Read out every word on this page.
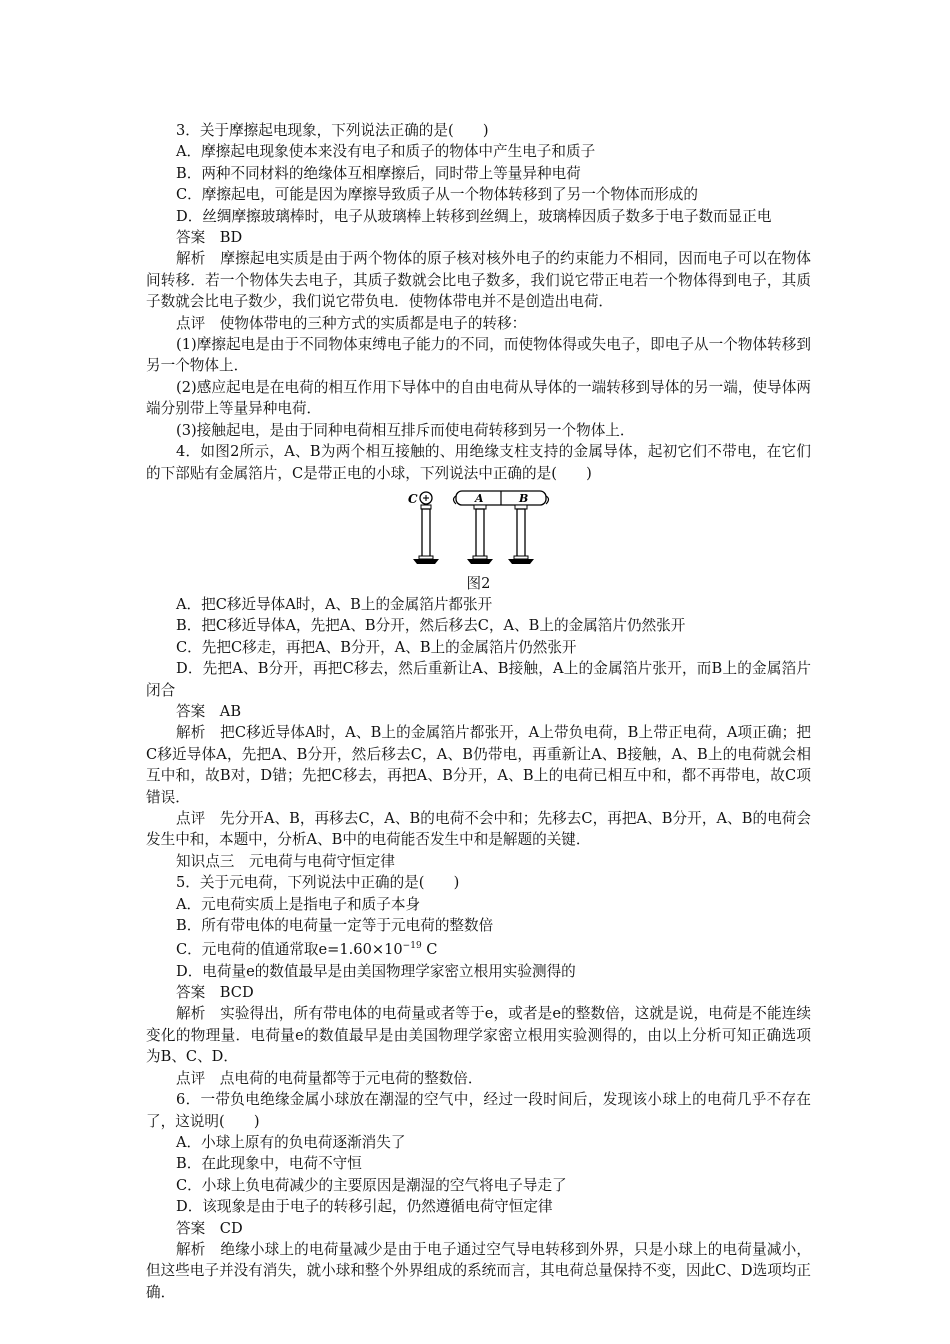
3．关于摩擦起电现象，下列说法正确的是(　　)

A．摩擦起电现象使本来没有电子和质子的物体中产生电子和质子

B．两种不同材料的绝缘体互相摩擦后，同时带上等量异种电荷

C．摩擦起电，可能是因为摩擦导致质子从一个物体转移到了另一个物体而形成的

D．丝绸摩擦玻璃棒时，电子从玻璃棒上转移到丝绸上，玻璃棒因质子数多于电子数而显正电

答案　BD

解析　摩擦起电实质是由于两个物体的原子核对核外电子的约束能力不相同，因而电子可以在物体间转移．若一个物体失去电子，其质子数就会比电子数多，我们说它带正电若一个物体得到电子，其质子数就会比电子数少，我们说它带负电．使物体带电并不是创造出电荷．

点评　使物体带电的三种方式的实质都是电子的转移：

(1)摩擦起电是由于不同物体束缚电子能力的不同，而使物体得或失电子，即电子从一个物体转移到另一个物体上．

(2)感应起电是在电荷的相互作用下导体中的自由电荷从导体的一端转移到导体的另一端，使导体两端分别带上等量异种电荷．

(3)接触起电，是由于同种电荷相互排斥而使电荷转移到另一个物体上．

4．如图2所示，A、B为两个相互接触的、用绝缘支柱支持的金属导体，起初它们不带电，在它们的下部贴有金属箔片，C是带正电的小球，下列说法中正确的是(　　)

C	A	B
图2

A．把C移近导体A时，A、B上的金属箔片都张开

B．把C移近导体A，先把A、B分开，然后移去C，A、B上的金属箔片仍然张开

C．先把C移走，再把A、B分开，A、B上的金属箔片仍然张开

D．先把A、B分开，再把C移去，然后重新让A、B接触，A上的金属箔片张开，而B上的金属箔片闭合

答案　AB

解析　把C移近导体A时，A、B上的金属箔片都张开，A上带负电荷，B上带正电荷，A项正确；把C移近导体A，先把A、B分开，然后移去C，A、B仍带电，再重新让A、B接触，A、B上的电荷就会相互中和，故B对，D错；先把C移去，再把A、B分开，A、B上的电荷已相互中和，都不再带电，故C项错误．

点评　先分开A、B，再移去C，A、B的电荷不会中和；先移去C，再把A、B分开，A、B的电荷会发生中和，本题中，分析A、B中的电荷能否发生中和是解题的关键．

知识点三　元电荷与电荷守恒定律

5．关于元电荷，下列说法中正确的是(　　)

A．元电荷实质上是指电子和质子本身

B．所有带电体的电荷量一定等于元电荷的整数倍

C．元电荷的值通常取$e=1.60\times 10^{-19}$ C

D．电荷量e的数值最早是由美国物理学家密立根用实验测得的

答案　BCD

解析　实验得出，所有带电体的电荷量或者等于e，或者是e的整数倍，这就是说，电荷是不能连续变化的物理量．电荷量e的数值最早是由美国物理学家密立根用实验测得的，由以上分析可知正确选项为B、C、D．

点评　点电荷的电荷量都等于元电荷的整数倍．

6．一带负电绝缘金属小球放在潮湿的空气中，经过一段时间后，发现该小球上的电荷几乎不存在了，这说明(　　)

A．小球上原有的负电荷逐渐消失了

B．在此现象中，电荷不守恒

C．小球上负电荷减少的主要原因是潮湿的空气将电子导走了

D．该现象是由于电子的转移引起，仍然遵循电荷守恒定律

答案　CD

解析　绝缘小球上的电荷量减少是由于电子通过空气导电转移到外界，只是小球上的电荷量减小，但这些电子并没有消失，就小球和整个外界组成的系统而言，其电荷总量保持不变，因此C、D选项均正确．
